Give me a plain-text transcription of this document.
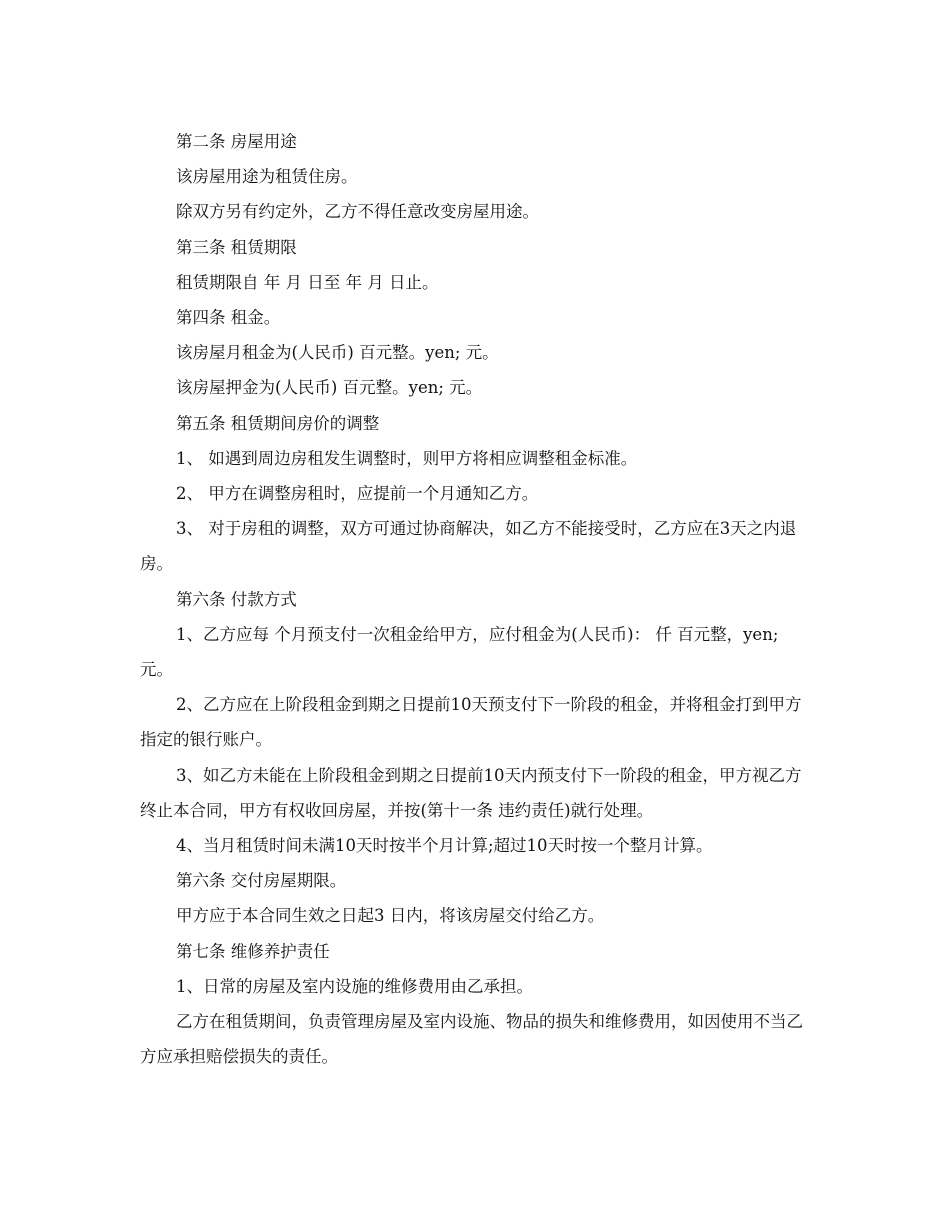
第二条 房屋用途

该房屋用途为租赁住房。

除双方另有约定外，乙方不得任意改变房屋用途。

第三条 租赁期限

租赁期限自 年 月 日至 年 月 日止。

第四条 租金。

该房屋月租金为(人民币) 百元整。yen; 元。

该房屋押金为(人民币) 百元整。yen; 元。

第五条 租赁期间房价的调整

1、 如遇到周边房租发生调整时，则甲方将相应调整租金标准。

2、 甲方在调整房租时，应提前一个月通知乙方。

3、 对于房租的调整，双方可通过协商解决，如乙方不能接受时，乙方应在3天之内退房。

第六条 付款方式

1、乙方应每 个月预支付一次租金给甲方，应付租金为(人民币)： 仟 百元整，yen; 元。

2、乙方应在上阶段租金到期之日提前10天预支付下一阶段的租金，并将租金打到甲方指定的银行账户。

3、如乙方未能在上阶段租金到期之日提前10天内预支付下一阶段的租金，甲方视乙方终止本合同，甲方有权收回房屋，并按(第十一条 违约责任)就行处理。

4、当月租赁时间未满10天时按半个月计算;超过10天时按一个整月计算。

第六条 交付房屋期限。

甲方应于本合同生效之日起3 日内，将该房屋交付给乙方。

第七条 维修养护责任

1、日常的房屋及室内设施的维修费用由乙承担。

乙方在租赁期间，负责管理房屋及室内设施、物品的损失和维修费用，如因使用不当乙方应承担赔偿损失的责任。
